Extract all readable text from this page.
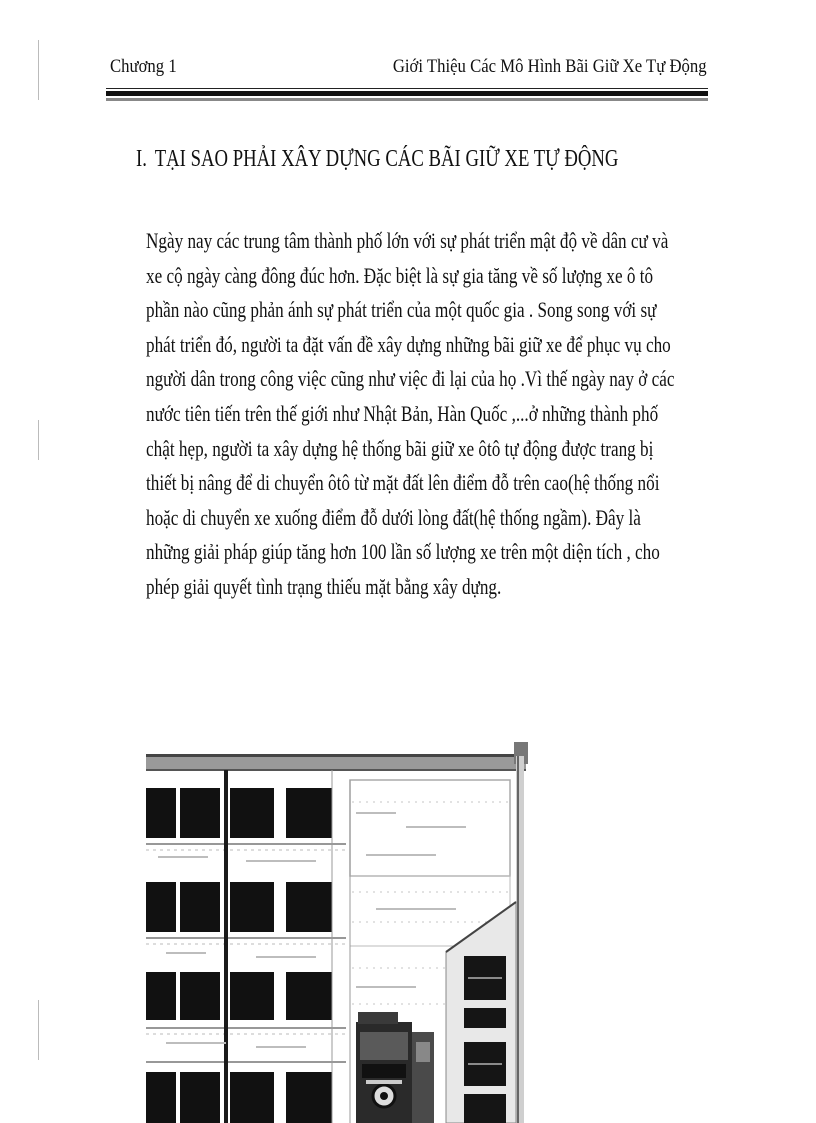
Chương 1	Giới Thiệu Các Mô Hình Bãi Giữ Xe Tự Động
I. TẠI SAO PHẢI XÂY DỰNG CÁC BÃI GIỮ XE TỰ ĐỘNG
Ngày nay các trung tâm thành phố lớn với sự phát triển mật độ về dân cư và
xe cộ ngày càng đông đúc hơn. Đặc biệt là sự gia tăng về số lượng xe ô tô
phần nào cũng phản ánh sự phát triển của một quốc gia . Song song với sự
phát triển đó, người ta đặt vấn đề xây dựng những bãi giữ xe để phục vụ cho
người dân trong công việc cũng như việc đi lại của họ .Vì thế ngày nay ở các
nước tiên tiến trên thế giới như Nhật Bản, Hàn Quốc ,...ở những thành phố
chật hẹp, người ta xây dựng hệ thống bãi giữ xe ôtô tự động được trang bị
thiết bị nâng để di chuyển ôtô từ mặt đất lên điểm đỗ trên cao(hệ thống nổi
hoặc di chuyển xe xuống điểm đỗ dưới lòng đất(hệ thống ngầm). Đây là
những giải pháp giúp tăng hơn 100 lần số lượng xe trên một diện tích , cho
phép giải quyết tình trạng thiếu mặt bằng xây dựng.
